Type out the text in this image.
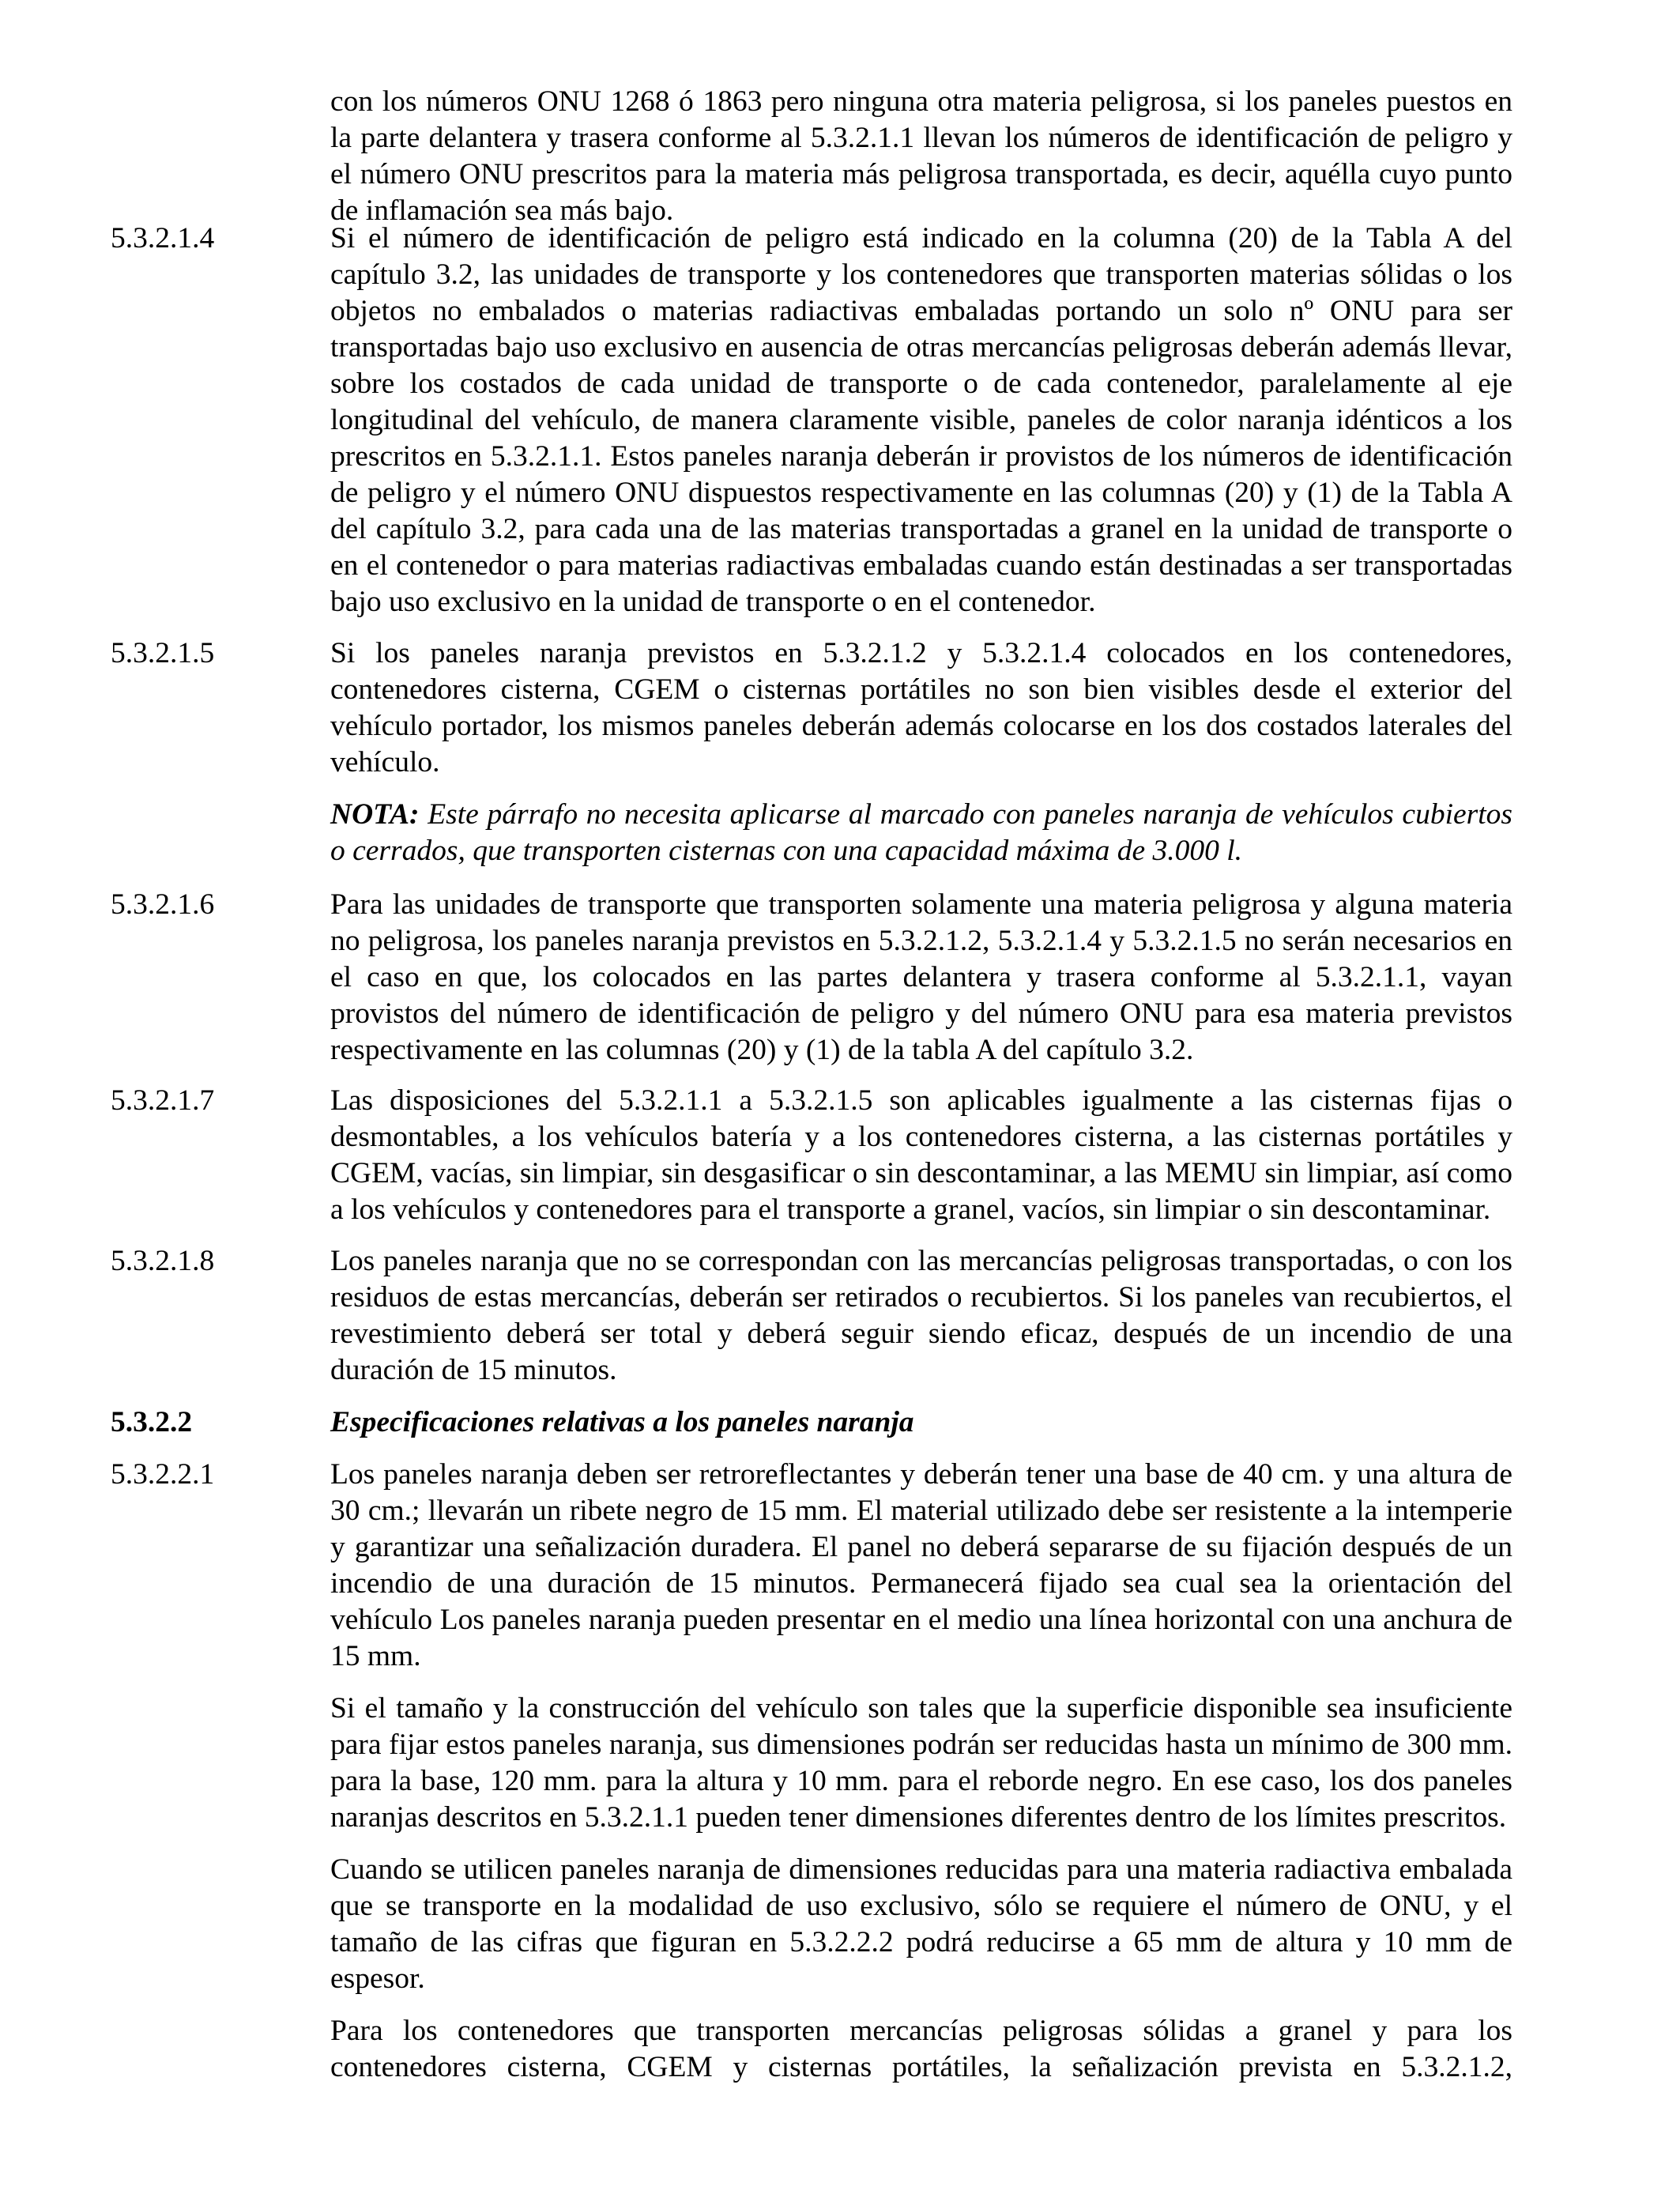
con los números ONU 1268 ó 1863 pero ninguna otra materia peligrosa, si los paneles puestos en la parte delantera y trasera conforme al 5.3.2.1.1 llevan los números de identificación de peligro y el número ONU prescritos para la materia más peligrosa transportada, es decir, aquélla cuyo punto de inflamación sea más bajo.

5.3.2.1.4	Si el número de identificación de peligro está indicado en la columna (20) de la Tabla A del capítulo 3.2, las unidades de transporte y los contenedores que transporten materias sólidas o los objetos no embalados o materias radiactivas embaladas portando un solo nº ONU para ser transportadas bajo uso exclusivo en ausencia de otras mercancías peligrosas deberán además llevar, sobre los costados de cada unidad de transporte o de cada contenedor, paralelamente al eje longitudinal del vehículo, de manera claramente visible, paneles de color naranja idénticos a los prescritos en 5.3.2.1.1. Estos paneles naranja deberán ir provistos de los números de identificación de peligro y el número ONU dispuestos respectivamente en las columnas (20) y (1) de la Tabla A del capítulo 3.2, para cada una de las materias transportadas a granel en la unidad de transporte o en el contenedor o para materias radiactivas embaladas cuando están destinadas a ser transportadas bajo uso exclusivo en la unidad de transporte o en el contenedor.

5.3.2.1.5	Si los paneles naranja previstos en 5.3.2.1.2 y 5.3.2.1.4 colocados en los contenedores, contenedores cisterna, CGEM o cisternas portátiles no son bien visibles desde el exterior del vehículo portador, los mismos paneles deberán además colocarse en los dos costados laterales del vehículo.

NOTA: Este párrafo no necesita aplicarse al marcado con paneles naranja de vehículos cubiertos o cerrados, que transporten cisternas con una capacidad máxima de 3.000 l.

5.3.2.1.6	Para las unidades de transporte que transporten solamente una materia peligrosa y alguna materia no peligrosa, los paneles naranja previstos en 5.3.2.1.2, 5.3.2.1.4 y 5.3.2.1.5 no serán necesarios en el caso en que, los colocados en las partes delantera y trasera conforme al 5.3.2.1.1, vayan provistos del número de identificación de peligro y del número ONU para esa materia previstos respectivamente en las columnas (20) y (1) de la tabla A del capítulo 3.2.

5.3.2.1.7	Las disposiciones del 5.3.2.1.1 a 5.3.2.1.5 son aplicables igualmente a las cisternas fijas o desmontables, a los vehículos batería y a los contenedores cisterna, a las cisternas portátiles y CGEM, vacías, sin limpiar, sin desgasificar o sin descontaminar, a las MEMU sin limpiar, así como a los vehículos y contenedores para el transporte a granel, vacíos, sin limpiar o sin descontaminar.

5.3.2.1.8	Los paneles naranja que no se correspondan con las mercancías peligrosas transportadas, o con los residuos de estas mercancías, deberán ser retirados o recubiertos. Si los paneles van recubiertos, el revestimiento deberá ser total y deberá seguir siendo eficaz, después de un incendio de una duración de 15 minutos.

5.3.2.2	Especificaciones relativas a los paneles naranja

5.3.2.2.1	Los paneles naranja deben ser retroreflectantes y deberán tener una base de 40 cm. y una altura de 30 cm.; llevarán un ribete negro de 15 mm. El material utilizado debe ser resistente a la intemperie y garantizar una señalización duradera. El panel no deberá separarse de su fijación después de un incendio de una duración de 15 minutos. Permanecerá fijado sea cual sea la orientación del vehículo Los paneles naranja pueden presentar en el medio una línea horizontal con una anchura de 15 mm.

Si el tamaño y la construcción del vehículo son tales que la superficie disponible sea insuficiente para fijar estos paneles naranja, sus dimensiones podrán ser reducidas hasta un mínimo de 300 mm. para la base, 120 mm. para la altura y 10 mm. para el reborde negro. En ese caso, los dos paneles naranjas descritos en 5.3.2.1.1 pueden tener dimensiones diferentes dentro de los límites prescritos.

Cuando se utilicen paneles naranja de dimensiones reducidas para una materia radiactiva embalada que se transporte en la modalidad de uso exclusivo, sólo se requiere el número de ONU, y el tamaño de las cifras que figuran en 5.3.2.2.2 podrá reducirse a 65 mm de altura y 10 mm de espesor.

Para los contenedores que transporten mercancías peligrosas sólidas a granel y para los contenedores cisterna, CGEM y cisternas portátiles, la señalización prevista en 5.3.2.1.2,
